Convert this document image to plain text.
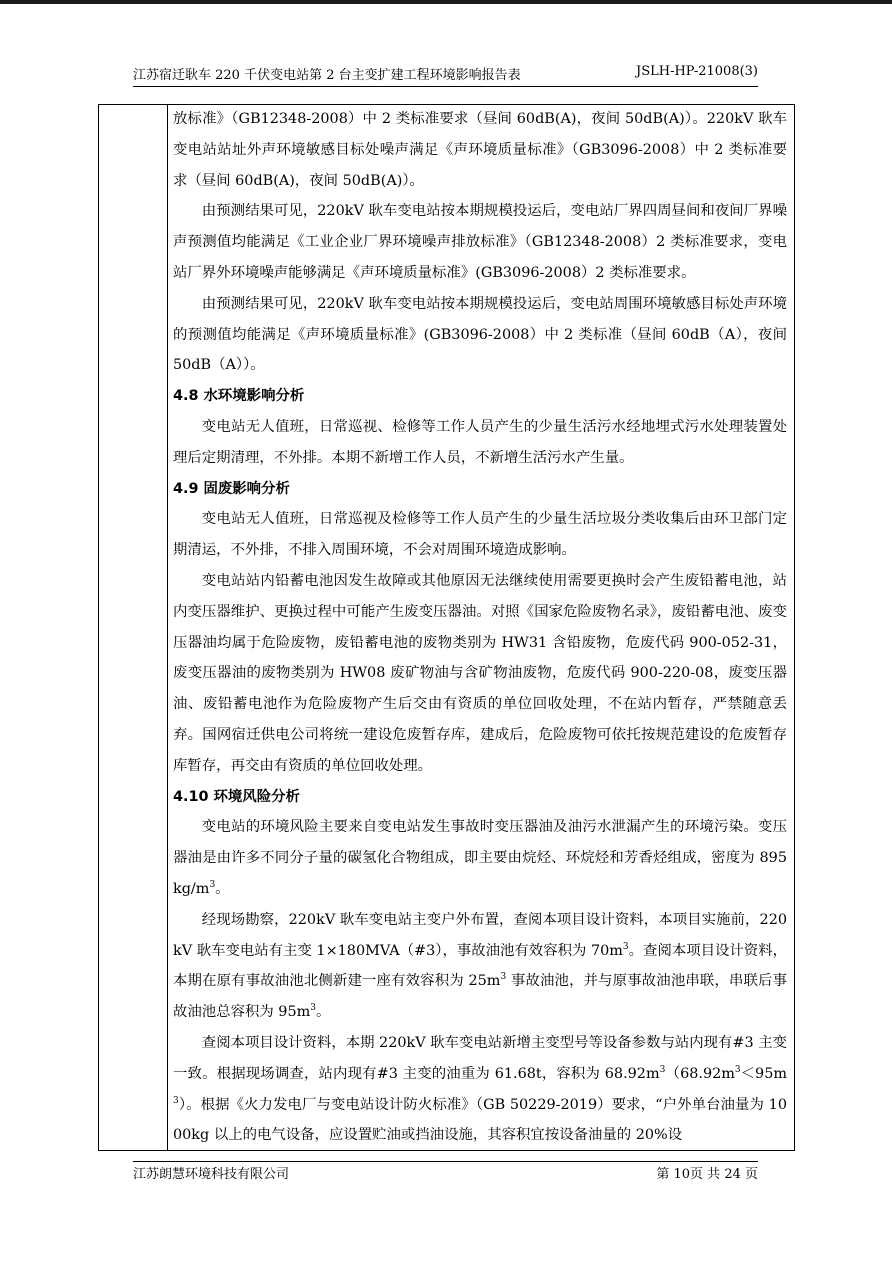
江苏宿迁耿车 220 千伏变电站第 2 台主变扩建工程环境影响报告表	JSLH-HP-21008(3)

放标准》（GB12348-2008）中 2 类标准要求（昼间 60dB(A)，夜间 50dB(A)）。220kV 耿车变电站站址外声环境敏感目标处噪声满足《声环境质量标准》（GB3096-2008）中 2 类标准要求（昼间 60dB(A)，夜间 50dB(A)）。

由预测结果可见，220kV 耿车变电站按本期规模投运后，变电站厂界四周昼间和夜间厂界噪声预测值均能满足《工业企业厂界环境噪声排放标准》（GB12348-2008）2 类标准要求，变电站厂界外环境噪声能够满足《声环境质量标准》(GB3096-2008）2 类标准要求。

由预测结果可见，220kV 耿车变电站按本期规模投运后，变电站周围环境敏感目标处声环境的预测值均能满足《声环境质量标准》(GB3096-2008）中 2 类标准（昼间 60dB（A），夜间 50dB（A））。

4.8 水环境影响分析

变电站无人值班，日常巡视、检修等工作人员产生的少量生活污水经地埋式污水处理装置处理后定期清理，不外排。本期不新增工作人员，不新增生活污水产生量。

4.9 固废影响分析

变电站无人值班，日常巡视及检修等工作人员产生的少量生活垃圾分类收集后由环卫部门定期清运，不外排，不排入周围环境，不会对周围环境造成影响。

变电站站内铅蓄电池因发生故障或其他原因无法继续使用需要更换时会产生废铅蓄电池，站内变压器维护、更换过程中可能产生废变压器油。对照《国家危险废物名录》，废铅蓄电池、废变压器油均属于危险废物，废铅蓄电池的废物类别为 HW31 含铅废物，危废代码 900-052-31，废变压器油的废物类别为 HW08 废矿物油与含矿物油废物，危废代码 900-220-08，废变压器油、废铅蓄电池作为危险废物产生后交由有资质的单位回收处理，不在站内暂存，严禁随意丢弃。国网宿迁供电公司将统一建设危废暂存库，建成后，危险废物可依托按规范建设的危废暂存库暂存，再交由有资质的单位回收处理。

4.10 环境风险分析

变电站的环境风险主要来自变电站发生事故时变压器油及油污水泄漏产生的环境污染。变压器油是由许多不同分子量的碳氢化合物组成，即主要由烷烃、环烷烃和芳香烃组成，密度为 $895kg/m^3$。

经现场勘察，220kV 耿车变电站主变户外布置，查阅本项目设计资料，本项目实施前，220kV 耿车变电站有主变 1×180MVA（#3），事故油池有效容积为 $70m^3$。查阅本项目设计资料，本期在原有事故油池北侧新建一座有效容积为 $25m^3$ 事故油池，并与原事故油池串联，串联后事故油池总容积为 $95m^3$。

查阅本项目设计资料，本期 220kV 耿车变电站新增主变型号等设备参数与站内现有#3 主变一致。根据现场调查，站内现有#3 主变的油重为 61.68t，容积为 $68.92m^3(68.92m^3<95m^3)$。根据《火力发电厂与变电站设计防火标准》（GB 50229-2019）要求，“户外单台油量为 1000kg 以上的电气设备，应设置贮油或挡油设施，其容积宜按设备油量的 20%设

江苏朗慧环境科技有限公司	第 10页 共 24 页
